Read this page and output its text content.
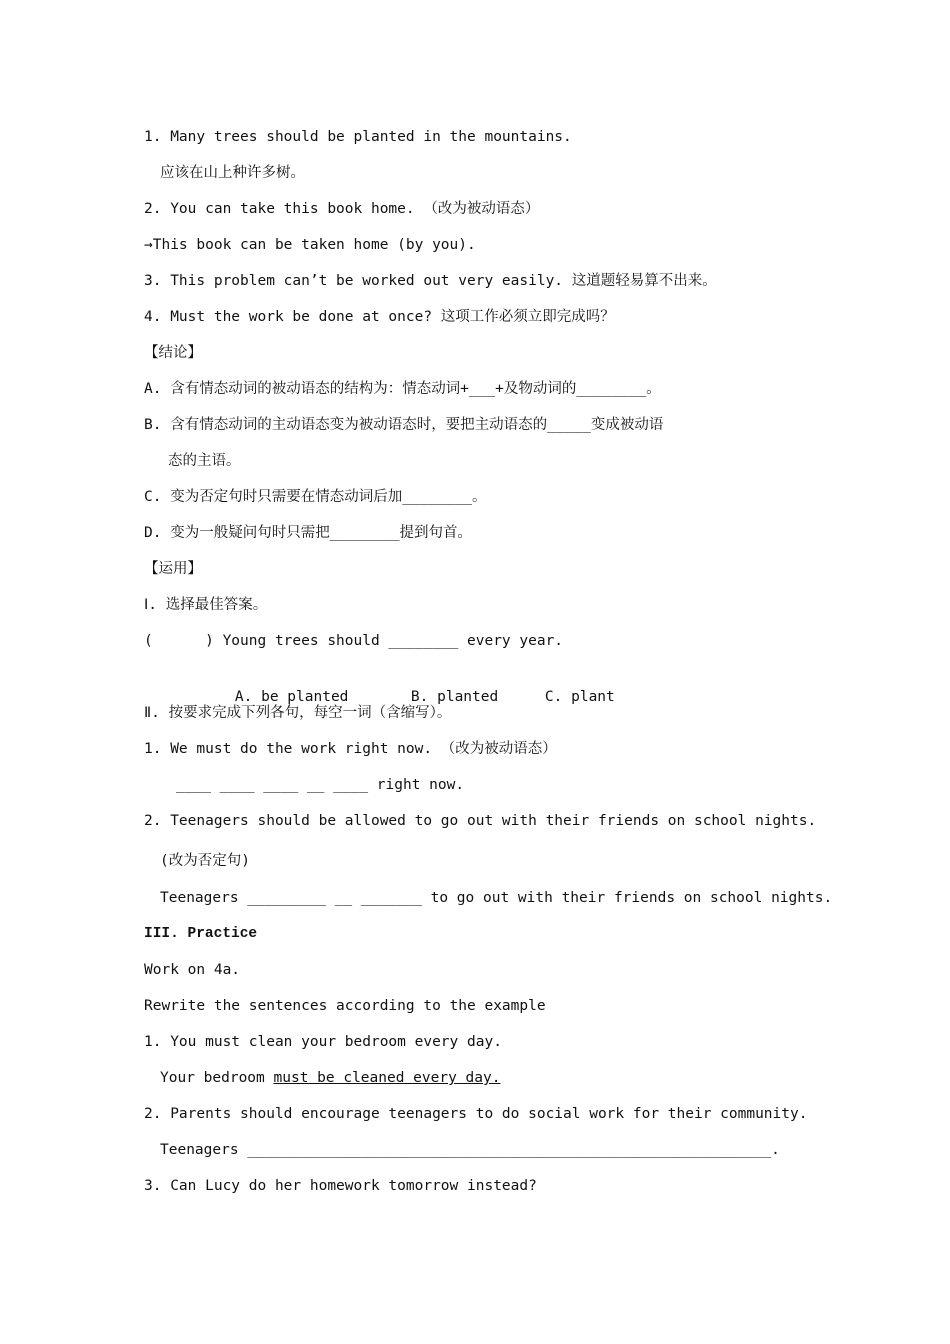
1. Many trees should be planted in the mountains.
应该在山上种许多树。
2. You can take this book home. （改为被动语态）
→This book can be taken home (by you).
3. This problem can’t be worked out very easily. 这道题轻易算不出来。
4. Must the work be done at once? 这项工作必须立即完成吗？
【结论】
A. 含有情态动词的被动语态的结构为：情态动词+___+及物动词的________。
B. 含有情态动词的主动语态变为被动语态时，要把主动语态的_____变成被动语
态的主语。
C. 变为否定句时只需要在情态动词后加________。
D. 变为一般疑问句时只需把________提到句首。
【运用】
Ⅰ. 选择最佳答案。
(      ) Young trees should ________ every year.

A. be planted	B. planted	C. plant

Ⅱ. 按要求完成下列各句，每空一词（含缩写）。
1. We must do the work right now. （改为被动语态）
____ ____ ____ __ ____ right now.
2. Teenagers should be allowed to go out with their friends on school nights.
(改为否定句)
Teenagers _________ __ _______ to go out with their friends on school nights.
III. Practice
Work on 4a.
Rewrite the sentences according to the example
1. You must clean your bedroom every day.
Your bedroom must be cleaned every day.
2. Parents should encourage teenagers to do social work for their community.
Teenagers ____________________________________________________________.
3. Can Lucy do her homework tomorrow instead?
